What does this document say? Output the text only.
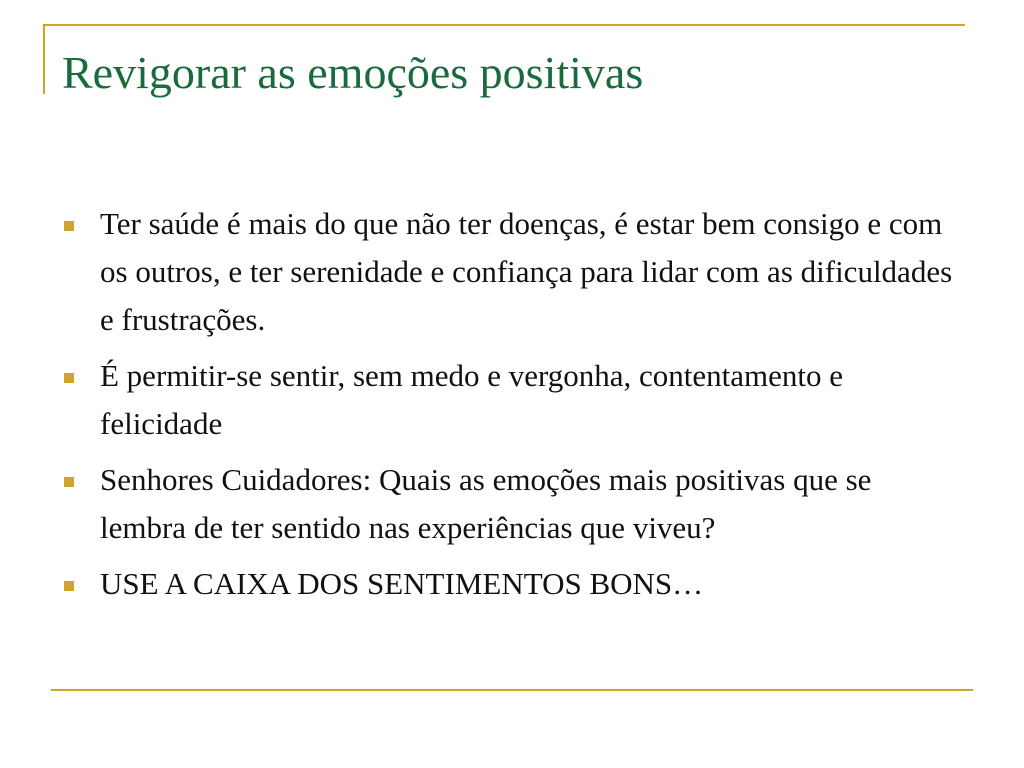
Revigorar as emoções positivas
Ter saúde é mais do que não ter doenças, é estar bem consigo e com os outros, e ter serenidade e confiança para lidar com as dificuldades e frustrações.
É permitir-se sentir, sem medo e vergonha, contentamento e felicidade
Senhores Cuidadores: Quais as emoções mais positivas que se lembra de ter sentido nas experiências que viveu?
USE A CAIXA DOS SENTIMENTOS BONS…
